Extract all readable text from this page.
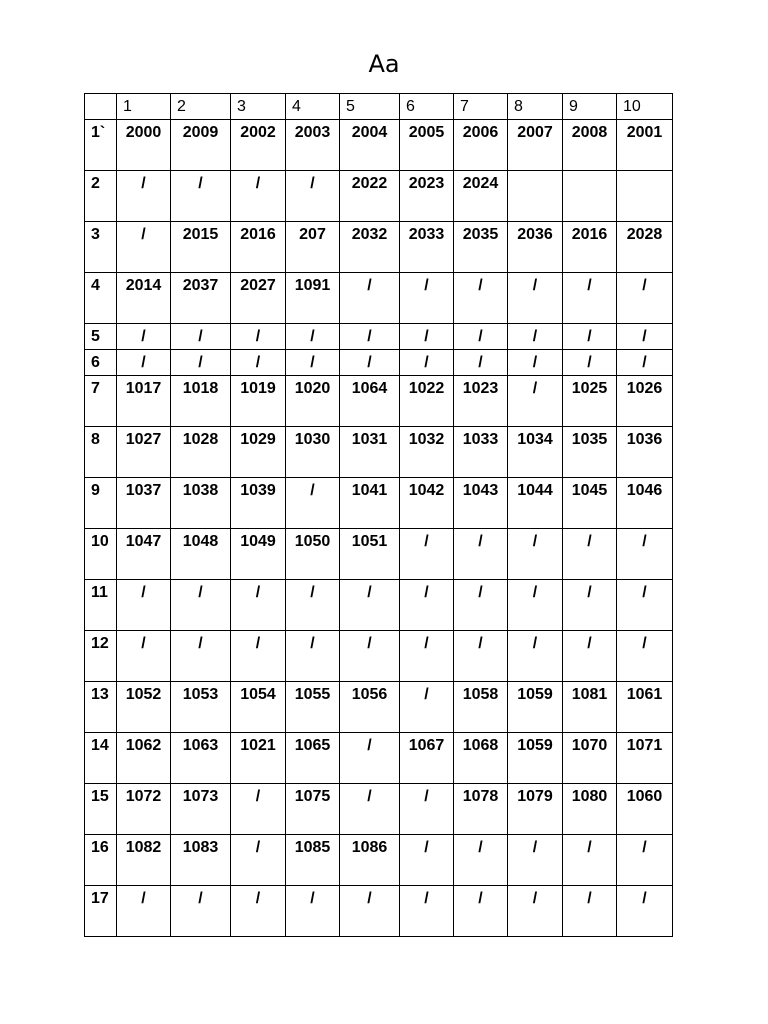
Aa
	1	2	3	4	5	6	7	8	9	10
1`	2000	2009	2002	2003	2004	2005	2006	2007	2008	2001
2	/	/	/	/	2022	2023	2024			
3	/	2015	2016	207	2032	2033	2035	2036	2016	2028
4	2014	2037	2027	1091	/	/	/	/	/	/
5	/	/	/	/	/	/	/	/	/	/
6	/	/	/	/	/	/	/	/	/	/
7	1017	1018	1019	1020	1064	1022	1023	/	1025	1026
8	1027	1028	1029	1030	1031	1032	1033	1034	1035	1036
9	1037	1038	1039	/	1041	1042	1043	1044	1045	1046
10	1047	1048	1049	1050	1051	/	/	/	/	/
11	/	/	/	/	/	/	/	/	/	/
12	/	/	/	/	/	/	/	/	/	/
13	1052	1053	1054	1055	1056	/	1058	1059	1081	1061
14	1062	1063	1021	1065	/	1067	1068	1059	1070	1071
15	1072	1073	/	1075	/	/	1078	1079	1080	1060
16	1082	1083	/	1085	1086	/	/	/	/	/
17	/	/	/	/	/	/	/	/	/	/
